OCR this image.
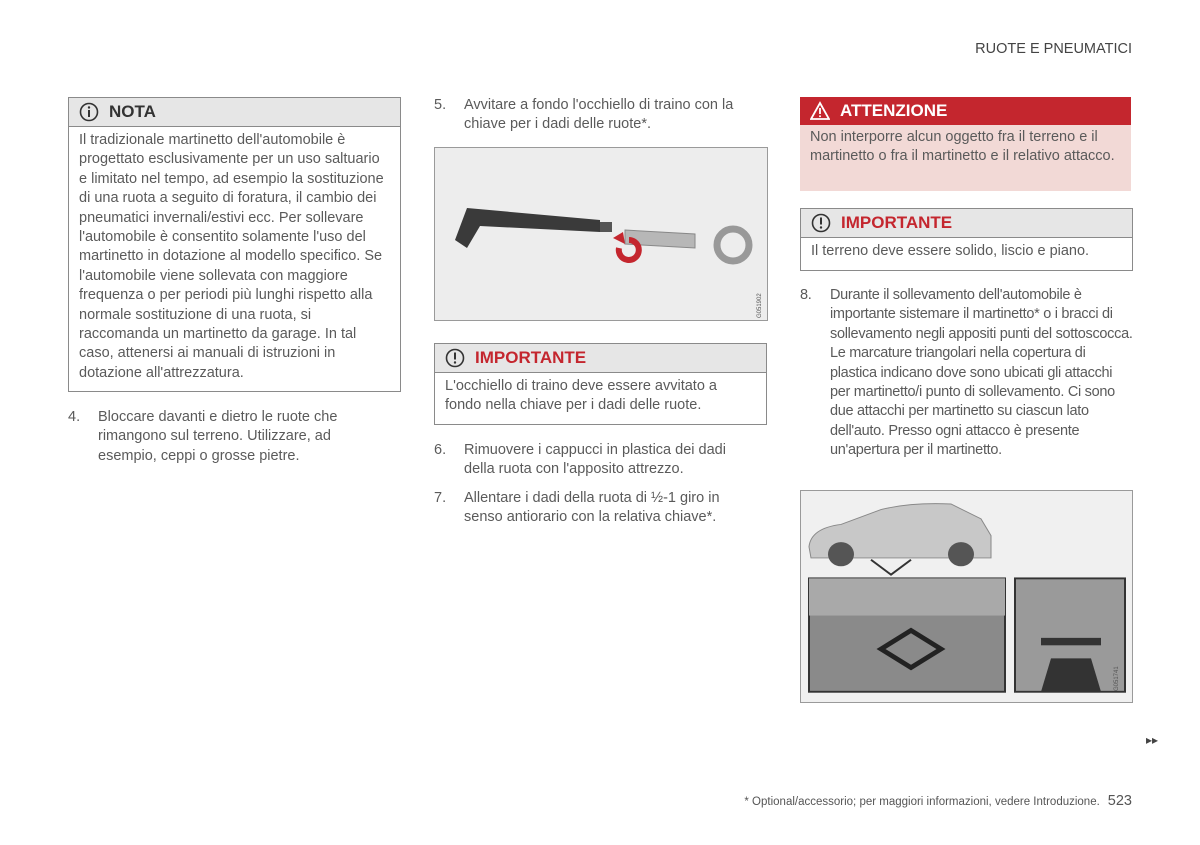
RUOTE E PNEUMATICI
NOTA
Il tradizionale martinetto dell'automobile è progettato esclusivamente per un uso saltuario e limitato nel tempo, ad esempio la sostituzione di una ruota a seguito di foratura, il cambio dei pneumatici invernali/estivi ecc. Per sollevare l'automobile è consentito solamente l'uso del martinetto in dotazione al modello specifico. Se l'automobile viene sollevata con maggiore frequenza o per periodi più lunghi rispetto alla normale sostituzione di una ruota, si raccomanda un martinetto da garage. In tal caso, attenersi ai manuali di istruzioni in dotazione all'attrezzatura.
4.	Bloccare davanti e dietro le ruote che rimangono sul terreno. Utilizzare, ad esempio, ceppi o grosse pietre.
5.	Avvitare a fondo l'occhiello di traino con la chiave per i dadi delle ruote*.
G051902
IMPORTANTE
L'occhiello di traino deve essere avvitato a fondo nella chiave per i dadi delle ruote.
6.	Rimuovere i cappucci in plastica dei dadi della ruota con l'apposito attrezzo.
7.	Allentare i dadi della ruota di ½-1 giro in senso antiorario con la relativa chiave*.
ATTENZIONE
Non interporre alcun oggetto fra il terreno e il martinetto o fra il martinetto e il relativo attacco.
IMPORTANTE
Il terreno deve essere solido, liscio e piano.
8.	Durante il sollevamento dell'automobile è importante sistemare il martinetto* o i bracci di sollevamento negli appositi punti del sottoscocca. Le marcature triangolari nella copertura di plastica indicano dove sono ubicati gli attacchi per martinetto/i punto di sollevamento. Ci sono due attacchi per martinetto su ciascun lato dell'auto. Presso ogni attacco è presente un'apertura per il martinetto.
G051741
▸▸
* Optional/accessorio; per maggiori informazioni, vedere Introduzione. 523
